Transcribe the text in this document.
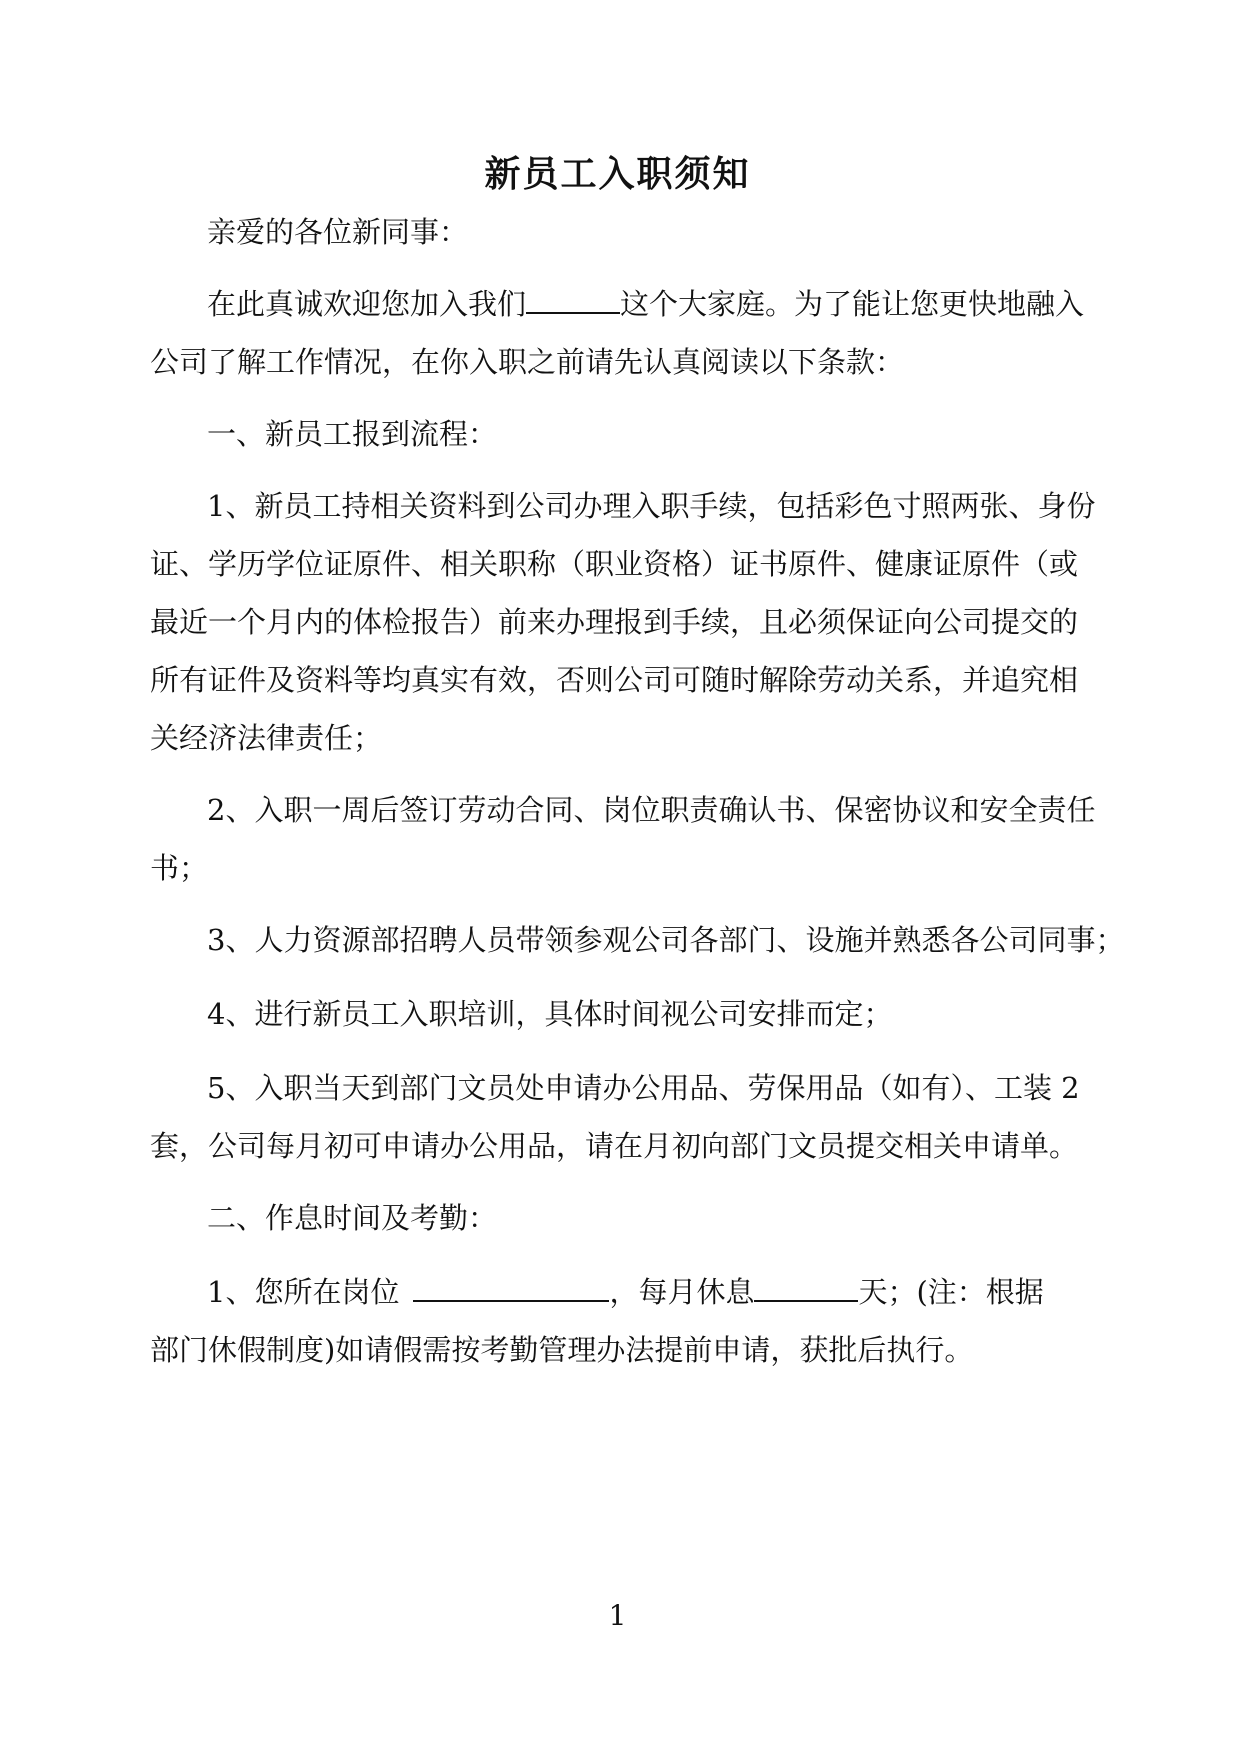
新员工入职须知
亲爱的各位新同事：
在此真诚欢迎您加入我们	这个大家庭。为了能让您更快地融入
公司了解工作情况，在你入职之前请先认真阅读以下条款：
一、新员工报到流程：
1、新员工持相关资料到公司办理入职手续，包括彩色寸照两张、身份
证、学历学位证原件、相关职称（职业资格）证书原件、健康证原件（或
最近一个月内的体检报告）前来办理报到手续，且必须保证向公司提交的
所有证件及资料等均真实有效，否则公司可随时解除劳动关系，并追究相
关经济法律责任；
2、入职一周后签订劳动合同、岗位职责确认书、保密协议和安全责任
书；
3、人力资源部招聘人员带领参观公司各部门、设施并熟悉各公司同事；
4、进行新员工入职培训，具体时间视公司安排而定；
5、入职当天到部门文员处申请办公用品、劳保用品（如有）、工装 2
套，公司每月初可申请办公用品，请在月初向部门文员提交相关申请单。
二、作息时间及考勤：
1、您所在岗位	，每月休息	天；(注：根据
部门休假制度)如请假需按考勤管理办法提前申请，获批后执行。
1
